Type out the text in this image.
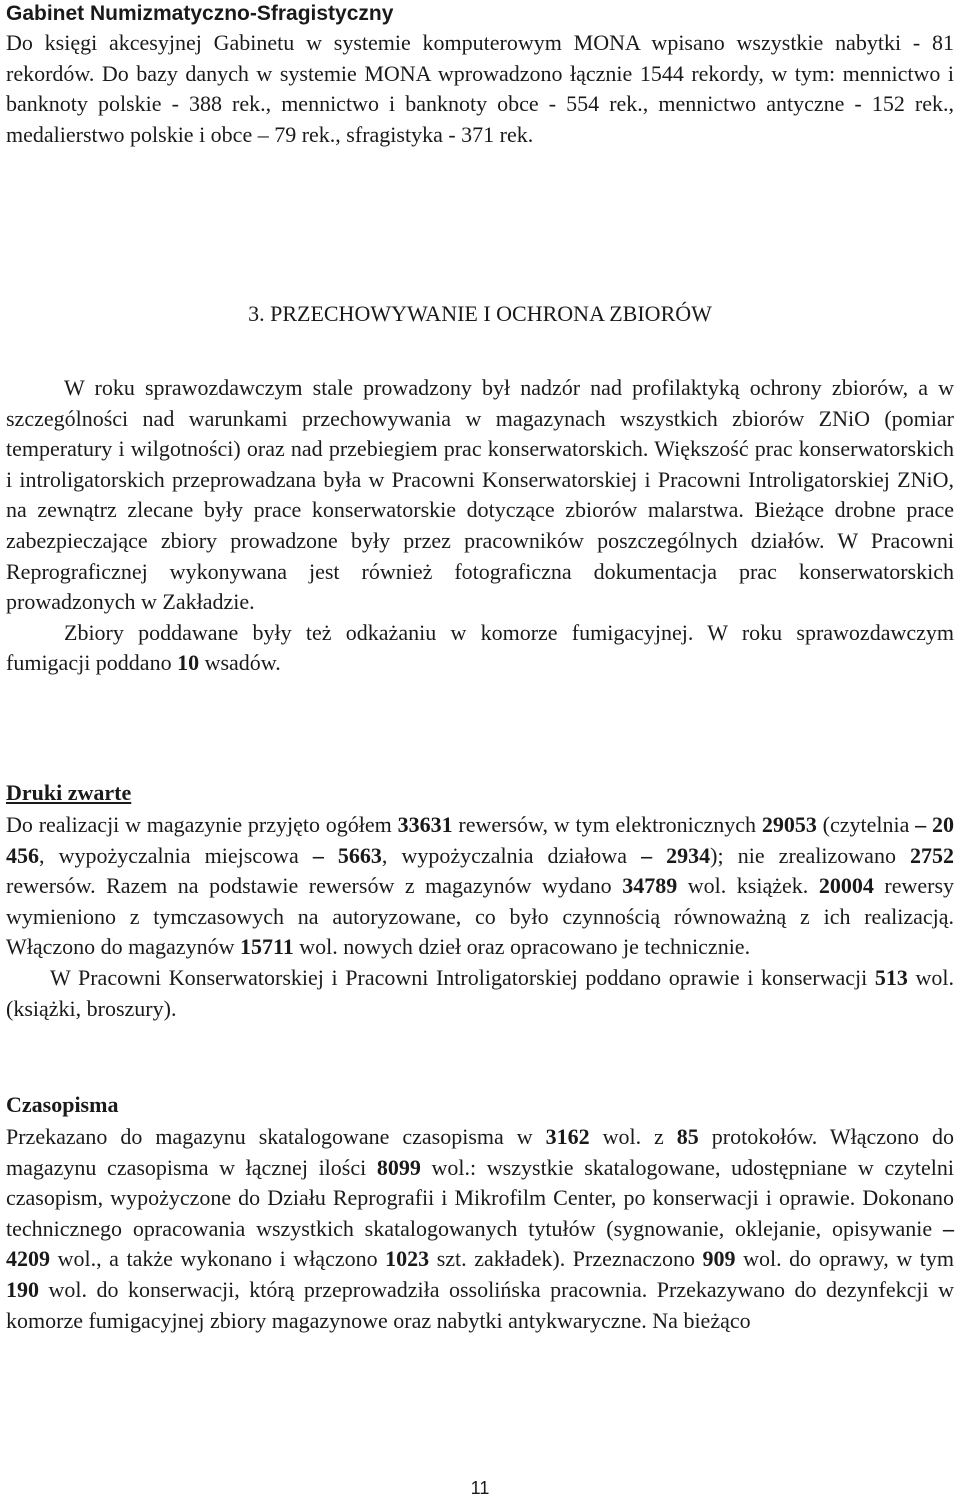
Gabinet Numizmatyczno-Sfragistyczny

Do księgi akcesyjnej Gabinetu w systemie komputerowym MONA wpisano wszystkie nabytki - 81 rekordów. Do bazy danych w systemie MONA wprowadzono łącznie 1544 rekordy, w tym: mennictwo i banknoty polskie - 388 rek., mennictwo i banknoty obce - 554 rek., mennictwo antyczne - 152 rek., medalierstwo polskie i obce – 79 rek., sfragistyka - 371 rek.

3. PRZECHOWYWANIE I OCHRONA ZBIORÓW

W roku sprawozdawczym stale prowadzony był nadzór nad profilaktyką ochrony zbiorów, a w szczególności nad warunkami przechowywania w magazynach wszystkich zbiorów ZNiO (pomiar temperatury i wilgotności) oraz nad przebiegiem prac konserwatorskich. Większość prac konserwatorskich i introligatorskich przeprowadzana była w Pracowni Konserwatorskiej i Pracowni Introligatorskiej ZNiO, na zewnątrz zlecane były prace konserwatorskie dotyczące zbiorów malarstwa. Bieżące drobne prace zabezpieczające zbiory prowadzone były przez pracowników poszczególnych działów. W Pracowni Reprograficznej wykonywana jest również fotograficzna dokumentacja prac konserwatorskich prowadzonych w Zakładzie.

Zbiory poddawane były też odkażaniu w komorze fumigacyjnej. W roku sprawozdawczym fumigacji poddano 10 wsadów.

Druki zwarte

Do realizacji w magazynie przyjęto ogółem 33631 rewersów, w tym elektronicznych 29053 (czytelnia – 20 456, wypożyczalnia miejscowa – 5663, wypożyczalnia działowa – 2934); nie zrealizowano 2752 rewersów. Razem na podstawie rewersów z magazynów wydano 34789 wol. książek. 20004 rewersy wymieniono z tymczasowych na autoryzowane, co było czynnością równoważną z ich realizacją. Włączono do magazynów 15711 wol. nowych dzieł oraz opracowano je technicznie.

W Pracowni Konserwatorskiej i Pracowni Introligatorskiej poddano oprawie i konserwacji 513 wol. (książki, broszury).

Czasopisma

Przekazano do magazynu skatalogowane czasopisma w 3162 wol. z 85 protokołów. Włączono do magazynu czasopisma w łącznej ilości 8099 wol.: wszystkie skatalogowane, udostępniane w czytelni czasopism, wypożyczone do Działu Reprografii i Mikrofilm Center, po konserwacji i oprawie. Dokonano technicznego opracowania wszystkich skatalogowanych tytułów (sygnowanie, oklejanie, opisywanie – 4209 wol., a także wykonano i włączono 1023 szt. zakładek). Przeznaczono 909 wol. do oprawy, w tym 190 wol. do konserwacji, którą przeprowadziła ossolińska pracownia. Przekazywano do dezynfekcji w komorze fumigacyjnej zbiory magazynowe oraz nabytki antykwaryczne. Na bieżąco

11
